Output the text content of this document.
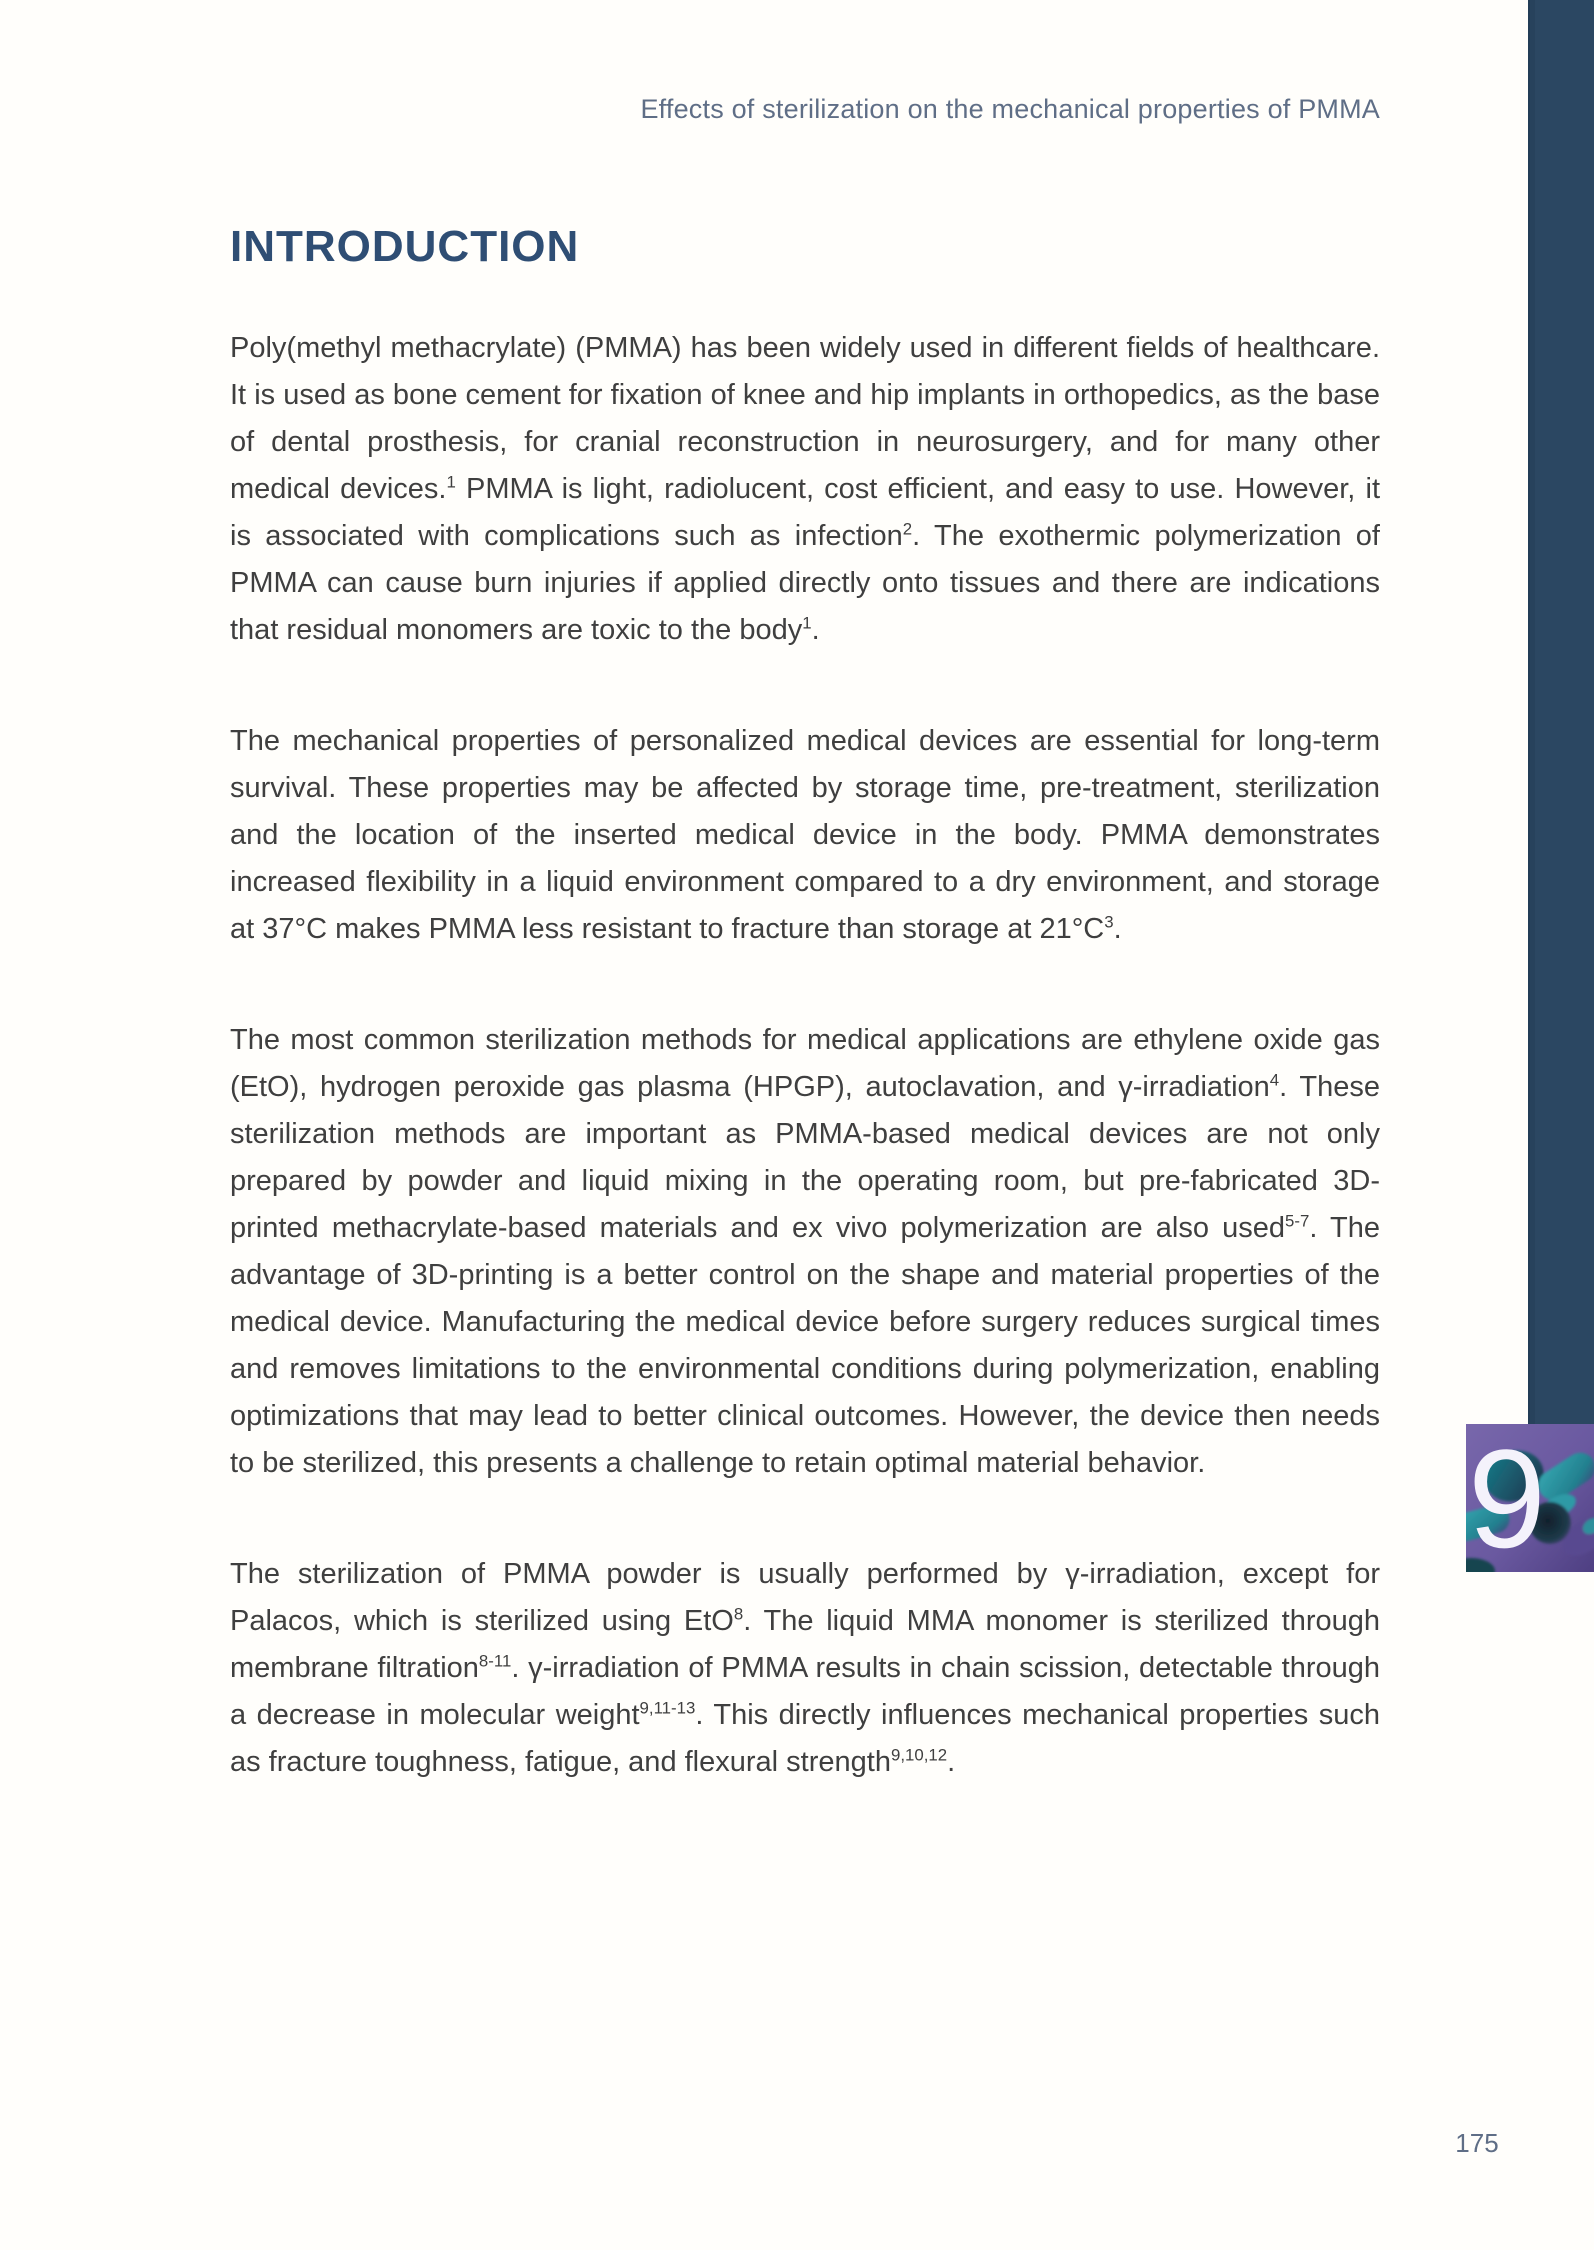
Effects of sterilization on the mechanical properties of PMMA
9
INTRODUCTION

Poly(methyl methacrylate) (PMMA) has been widely used in different fields of healthcare. It is used as bone cement for fixation of knee and hip implants in orthopedics, as the base of dental prosthesis, for cranial reconstruction in neurosurgery, and for many other medical devices.$^1$ PMMA is light, radiolucent, cost efficient, and easy to use. However, it is associated with complications such as infection$^2$. The exothermic polymerization of PMMA can cause burn injuries if applied directly onto tissues and there are indications that residual monomers are toxic to the body$^1$.

The mechanical properties of personalized medical devices are essential for long-term survival. These properties may be affected by storage time, pre-treatment, sterilization and the location of the inserted medical device in the body. PMMA demonstrates increased flexibility in a liquid environment compared to a dry environment, and storage at 37°C makes PMMA less resistant to fracture than storage at $21^\circ C^3$.

The most common sterilization methods for medical applications are ethylene oxide gas (EtO), hydrogen peroxide gas plasma (HPGP), autoclavation, and γ-irradiation$^4$. These sterilization methods are important as PMMA-based medical devices are not only prepared by powder and liquid mixing in the operating room, but pre-fabricated 3D-printed methacrylate-based materials and ex vivo polymerization are also used$^{5-7}$. The advantage of 3D-printing is a better control on the shape and material properties of the medical device. Manufacturing the medical device before surgery reduces surgical times and removes limitations to the environmental conditions during polymerization, enabling optimizations that may lead to better clinical outcomes. However, the device then needs to be sterilized, this presents a challenge to retain optimal material behavior.

The sterilization of PMMA powder is usually performed by γ-irradiation, except for Palacos, which is sterilized using EtO$^8$. The liquid MMA monomer is sterilized through membrane filtration$^{8-11}$. γ-irradiation of PMMA results in chain scission, detectable through a decrease in molecular weight$^{9,11-13}$. This directly influences mechanical properties such as fracture toughness, fatigue, and flexural strength$^{9,10,12}$.

175
